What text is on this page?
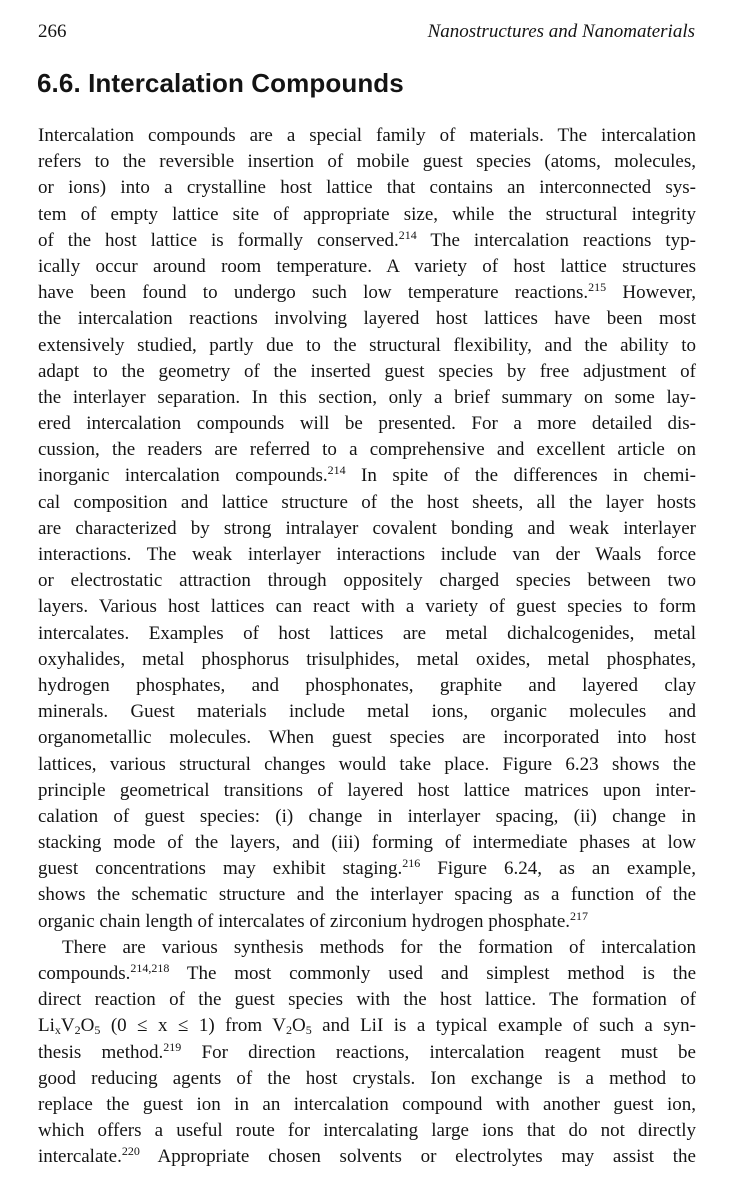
266	Nanostructures and Nanomaterials
6.6. Intercalation Compounds
Intercalation compounds are a special family of materials. The intercalation
refers to the reversible insertion of mobile guest species (atoms, molecules,
or ions) into a crystalline host lattice that contains an interconnected sys-
tem of empty lattice site of appropriate size, while the structural integrity
of the host lattice is formally conserved.$^{214}$ The intercalation reactions typ-
ically occur around room temperature. A variety of host lattice structures
have been found to undergo such low temperature reactions.$^{215}$ However,
the intercalation reactions involving layered host lattices have been most
extensively studied, partly due to the structural flexibility, and the ability to
adapt to the geometry of the inserted guest species by free adjustment of
the interlayer separation. In this section, only a brief summary on some lay-
ered intercalation compounds will be presented. For a more detailed dis-
cussion, the readers are referred to a comprehensive and excellent article on
inorganic intercalation compounds.$^{214}$ In spite of the differences in chemi-
cal composition and lattice structure of the host sheets, all the layer hosts
are characterized by strong intralayer covalent bonding and weak interlayer
interactions. The weak interlayer interactions include van der Waals force
or electrostatic attraction through oppositely charged species between two
layers. Various host lattices can react with a variety of guest species to form
intercalates. Examples of host lattices are metal dichalcogenides, metal
oxyhalides, metal phosphorus trisulphides, metal oxides, metal phosphates,
hydrogen phosphates, and phosphonates, graphite and layered clay
minerals. Guest materials include metal ions, organic molecules and
organometallic molecules. When guest species are incorporated into host
lattices, various structural changes would take place. Figure 6.23 shows the
principle geometrical transitions of layered host lattice matrices upon inter-
calation of guest species: (i) change in interlayer spacing, (ii) change in
stacking mode of the layers, and (iii) forming of intermediate phases at low
guest concentrations may exhibit staging.$^{216}$ Figure 6.24, as an example,
shows the schematic structure and the interlayer spacing as a function of the
organic chain length of intercalates of zirconium hydrogen phosphate.$^{217}$
There are various synthesis methods for the formation of intercalation
compounds.$^{214,218}$ The most commonly used and simplest method is the
direct reaction of the guest species with the host lattice. The formation of
$Li_xV_2O_5$ (0 ≤ x ≤ 1) from $V_2O_5$ and LiI is a typical example of such a syn-
thesis method.$^{219}$ For direction reactions, intercalation reagent must be
good reducing agents of the host crystals. Ion exchange is a method to
replace the guest ion in an intercalation compound with another guest ion,
which offers a useful route for intercalating large ions that do not directly
intercalate.$^{220}$ Appropriate chosen solvents or electrolytes may assist the
